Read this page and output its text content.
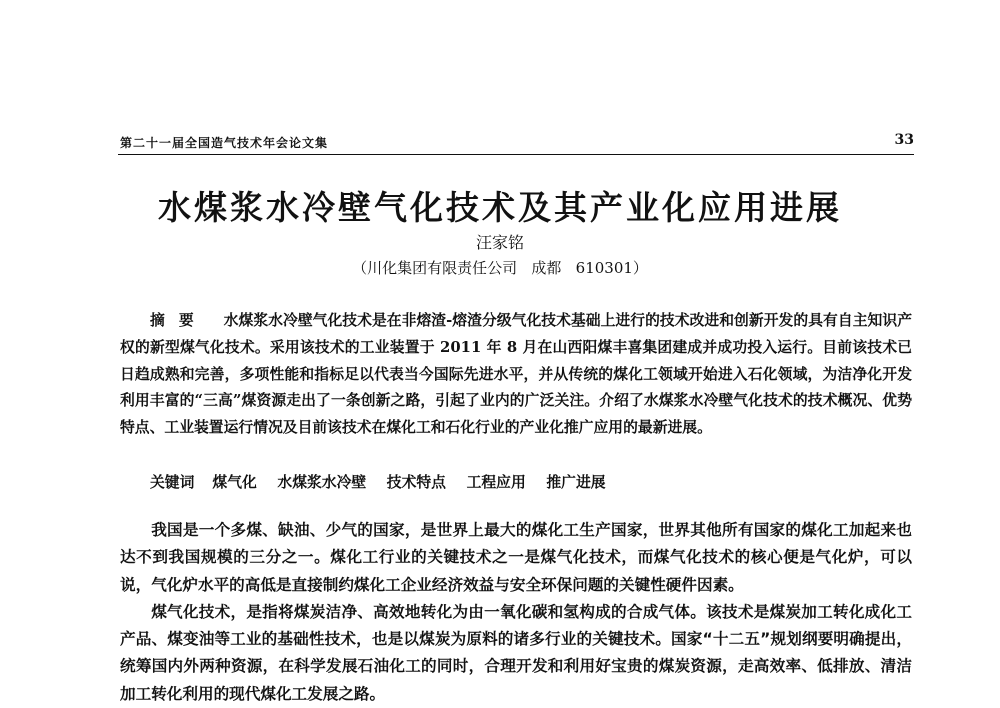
第二十一届全国造气技术年会论文集	33
水煤浆水冷壁气化技术及其产业化应用进展
汪家铭
（川化集团有限责任公司   成都   610301）
摘要 水煤浆水冷壁气化技术是在非熔渣-熔渣分级气化技术基础上进行的技术改进和创新开发的具有自主知识产权的新型煤气化技术。采用该技术的工业装置于 2011 年 8 月在山西阳煤丰喜集团建成并成功投入运行。目前该技术已日趋成熟和完善，多项性能和指标足以代表当今国际先进水平，并从传统的煤化工领域开始进入石化领域，为洁净化开发利用丰富的“三高”煤资源走出了一条创新之路，引起了业内的广泛关注。介绍了水煤浆水冷壁气化技术的技术概况、优势特点、工业装置运行情况及目前该技术在煤化工和石化行业的产业化推广应用的最新进展。
关键词 煤气化    水煤浆水冷壁    技术特点    工程应用    推广进展

我国是一个多煤、缺油、少气的国家，是世界上最大的煤化工生产国家，世界其他所有国家的煤化工加起来也达不到我国规模的三分之一。煤化工行业的关键技术之一是煤气化技术，而煤气化技术的核心便是气化炉，可以说，气化炉水平的高低是直接制约煤化工企业经济效益与安全环保问题的关键性硬件因素。

煤气化技术，是指将煤炭洁净、高效地转化为由一氧化碳和氢构成的合成气体。该技术是煤炭加工转化成化工产品、煤变油等工业的基础性技术，也是以煤炭为原料的诸多行业的关键技术。国家“十二五”规划纲要明确提出，统筹国内外两种资源，在科学发展石油化工的同时，合理开发和利用好宝贵的煤炭资源，走高效率、低排放、清洁加工转化利用的现代煤化工发展之路。
